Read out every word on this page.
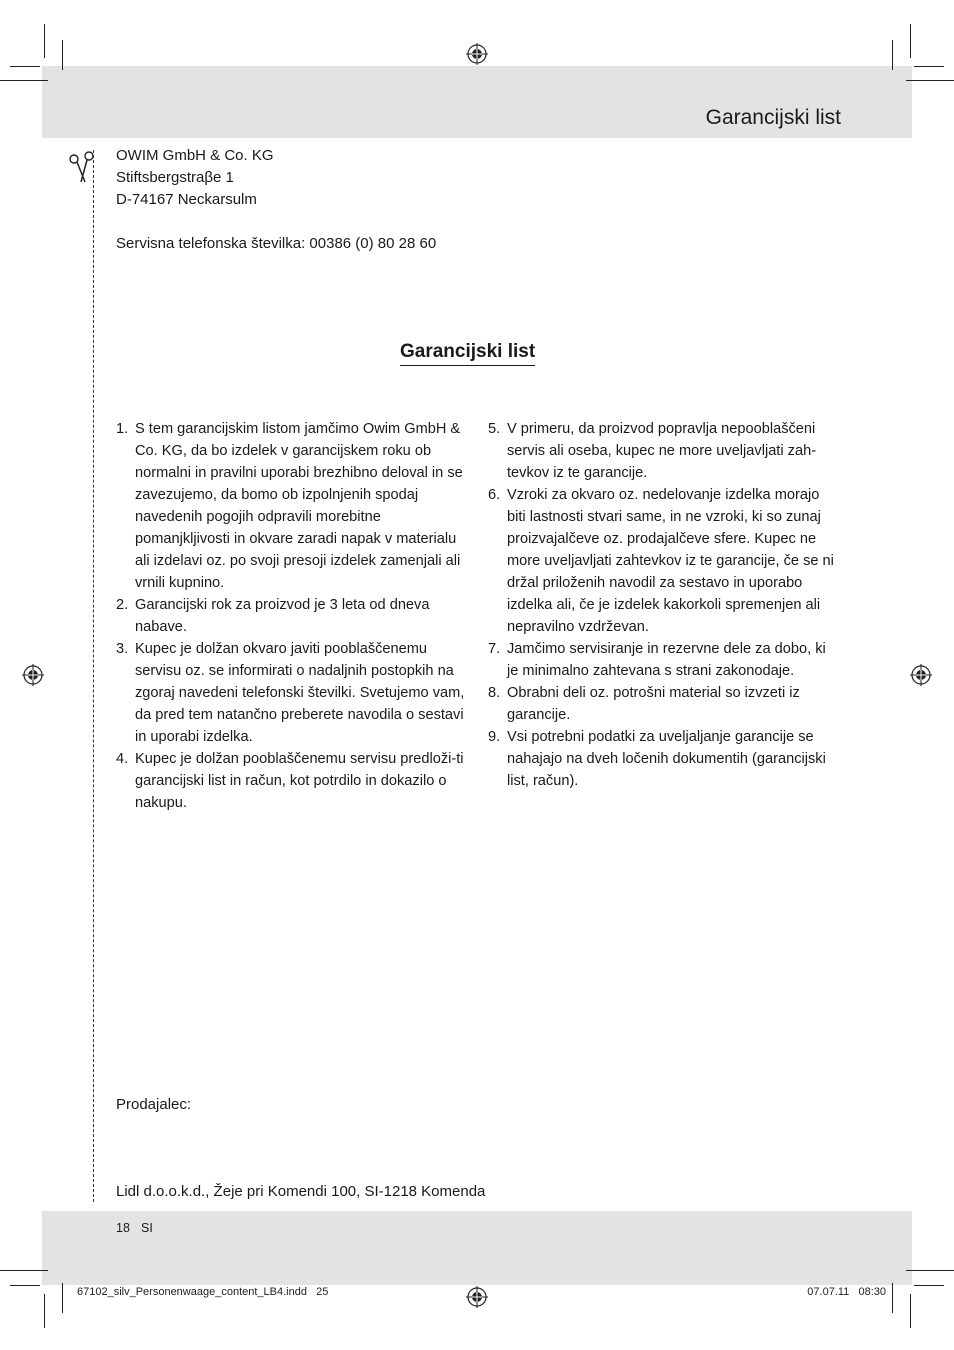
Garancijski list
OWIM GmbH & Co. KG
Stiftsbergstraβe 1
D-74167 Neckarsulm
Servisna telefonska številka: 00386 (0) 80 28 60
Garancijski list
1. S tem garancijskim listom jamčimo Owim GmbH & Co. KG, da bo izdelek v garancijskem roku ob normalni in pravilni uporabi brezhibno deloval in se zavezujemo, da bomo ob izpolnjenih spodaj navedenih pogojih odpravili morebitne pomanjkljivosti in okvare zaradi napak v materialu ali izdelavi oz. po svoji presoji izdelek zamenjali ali vrnili kupnino.
2. Garancijski rok za proizvod je 3 leta od dneva nabave.
3. Kupec je dolžan okvaro javiti pooblaščenemu servisu oz. se informirati o nadaljnih postopkih na zgoraj navedeni telefonski številki. Svetujemo vam, da pred tem natančno preberete navodila o sestavi in uporabi izdelka.
4. Kupec je dolžan pooblaščenemu servisu predloži-ti garancijski list in račun, kot potrdilo in dokazilo o nakupu.
5. V primeru, da proizvod popravlja nepooblaščeni servis ali oseba, kupec ne more uveljavljati zah-tevkov iz te garancije.
6. Vzroki za okvaro oz. nedelovanje izdelka morajo biti lastnosti stvari same, in ne vzroki, ki so zunaj proizvajalčeve oz. prodajalčeve sfere. Kupec ne more uveljavljati zahtevkov iz te garancije, če se ni držal priloženih navodil za sestavo in uporabo izdelka ali, če je izdelek kakorkoli spremenjen ali nepravilno vzdrževan.
7. Jamčimo servisiranje in rezervne dele za dobo, ki je minimalno zahtevana s strani zakonodaje.
8. Obrabni deli oz. potrošni material so izvzeti iz garancije.
9. Vsi potrebni podatki za uveljaljanje garancije se nahajajo na dveh ločenih dokumentih (garancijski list, račun).
Prodajalec:
Lidl d.o.o.k.d., Žeje pri Komendi 100, SI-1218 Komenda
18 SI
67102_silv_Personenwaage_content_LB4.indd   25	07.07.11   08:30
